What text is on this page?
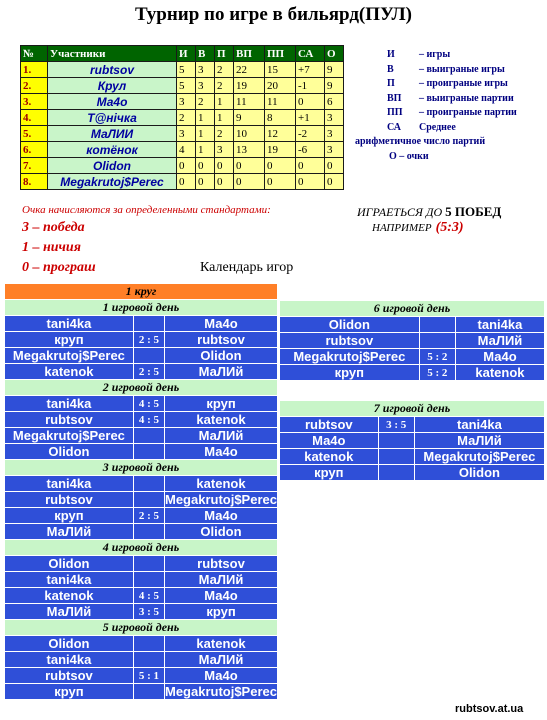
Турнир по игре в бильярд(ПУЛ)
№	Участники	И	В	П	ВП	ПП	СА	О
1.	rubtsov	5	3	2	22	15	+7	9
2.	Крул	5	3	2	19	20	-1	9
3.	Ма4о	3	2	1	11	11	0	6
4.	Т@нiчка	2	1	1	9	8	+1	3
5.	МаЛИИ	3	1	2	10	12	-2	3
6.	котёнок	4	1	3	13	19	-6	3
7.	Olidon	0	0	0	0	0	0	0
8.	Megakrutoj$Perec	0	0	0	0	0	0	0
И – игры
В	– выиграные игры
П – проиграные игры
ВП – выиграные партии
ПП – проиграные партии
СА Среднее
арифметичное число партий
О – очки
Очка начисляются за определенными стандартами:	ИГРАЕТЬСЯ ДО 5 ПОБЕД
НАПРИМЕР (5:3)
3 – победа
1 – ничия
0 – програш	Календарь игор
1 круг		
1 игровой день		
tani4ka		Ма4о
круп	2 : 5	rubtsov
Megakrutoj$Perec		Olidon
katenok	2 : 5	МаЛИй
2 игровой день		
tani4ka	4 : 5	круп
rubtsov	4 : 5	katenok
Megakrutoj$Perec		МаЛИй
Olidon		Ма4о
3 игровой день		
tani4ka		katenok
rubtsov		Megakrutoj$Perec
круп	2 : 5	Ма4о
МаЛИй		Olidon
4 игровой день		
Olidon		rubtsov
tani4ka		МаЛИй
katenok	4 : 5	Ма4о
МаЛИй	3 : 5	круп
5 игровой день		
Olidon		katenok
tani4ka		МаЛИй
rubtsov	5 : 1	Ма4о
круп		Megakrutoj$Perec
6 игровой день		
Olidon		tani4ka
rubtsov		МаЛИй
Megakrutoj$Perec	5 : 2	Ма4о
круп	5 : 2	katenok
7 игровой день		
rubtsov	3 : 5	tani4ka
Ма4о		МаЛИй
katenok		Megakrutoj$Perec
круп		Olidon
rubtsov.at.ua
